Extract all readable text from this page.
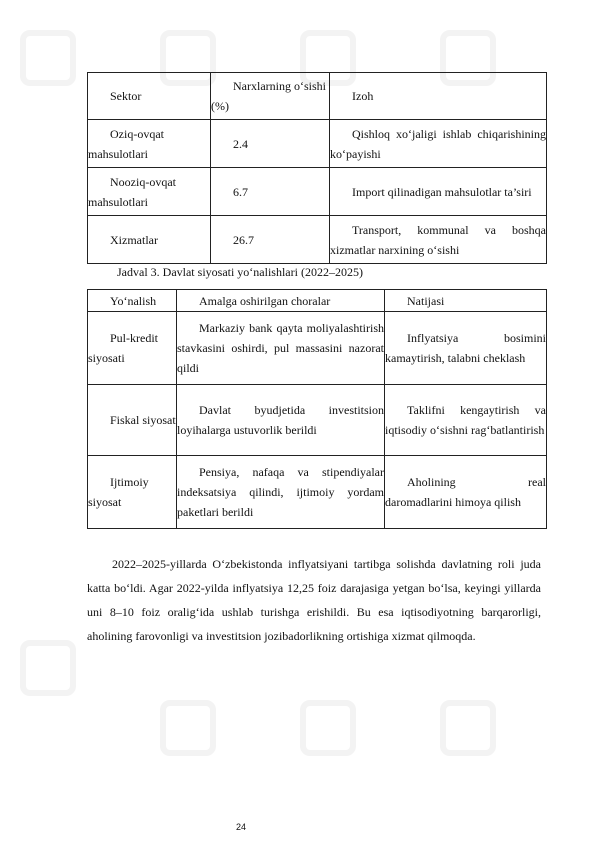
Sektor	Narxlarning o‘sishi (%)	Izoh
Oziq-ovqat mahsulotlari	2.4	Qishloq xo‘jaligi ishlab chiqarishining ko‘payishi
Nooziq-ovqat mahsulotlari	6.7	Import qilinadigan mahsulotlar ta’siri
Xizmatlar	26.7	Transport, kommunal va boshqa xizmatlar narxining o‘sishi
Jadval 3. Davlat siyosati yo‘nalishlari (2022–2025)
Yo‘nalish	Amalga oshirilgan choralar	Natijasi
Pul-kredit siyosati	Markaziy bank qayta moliyalashtirish stavkasini oshirdi, pul massasini nazorat qildi	Inflyatsiya bosimini kamaytirish, talabni cheklash
Fiskal siyosat	Davlat byudjetida investitsion loyihalarga ustuvorlik berildi	Taklifni kengaytirish va iqtisodiy o‘sishni rag‘batlantirish
Ijtimoiy siyosat	Pensiya, nafaqa va stipendiyalar indeksatsiya qilindi, ijtimoiy yordam paketlari berildi	Aholining real daromadlarini himoya qilish

2022–2025-yillarda O‘zbekistonda inflyatsiyani tartibga solishda davlatning roli juda katta bo‘ldi. Agar 2022-yilda inflyatsiya 12,25 foiz darajasiga yetgan bo‘lsa, keyingi yillarda uni 8–10 foiz oralig‘ida ushlab turishga erishildi. Bu esa iqtisodiyotning barqarorligi, aholining farovonligi va investitsion jozibadorlikning ortishiga xizmat qilmoqda.

24
